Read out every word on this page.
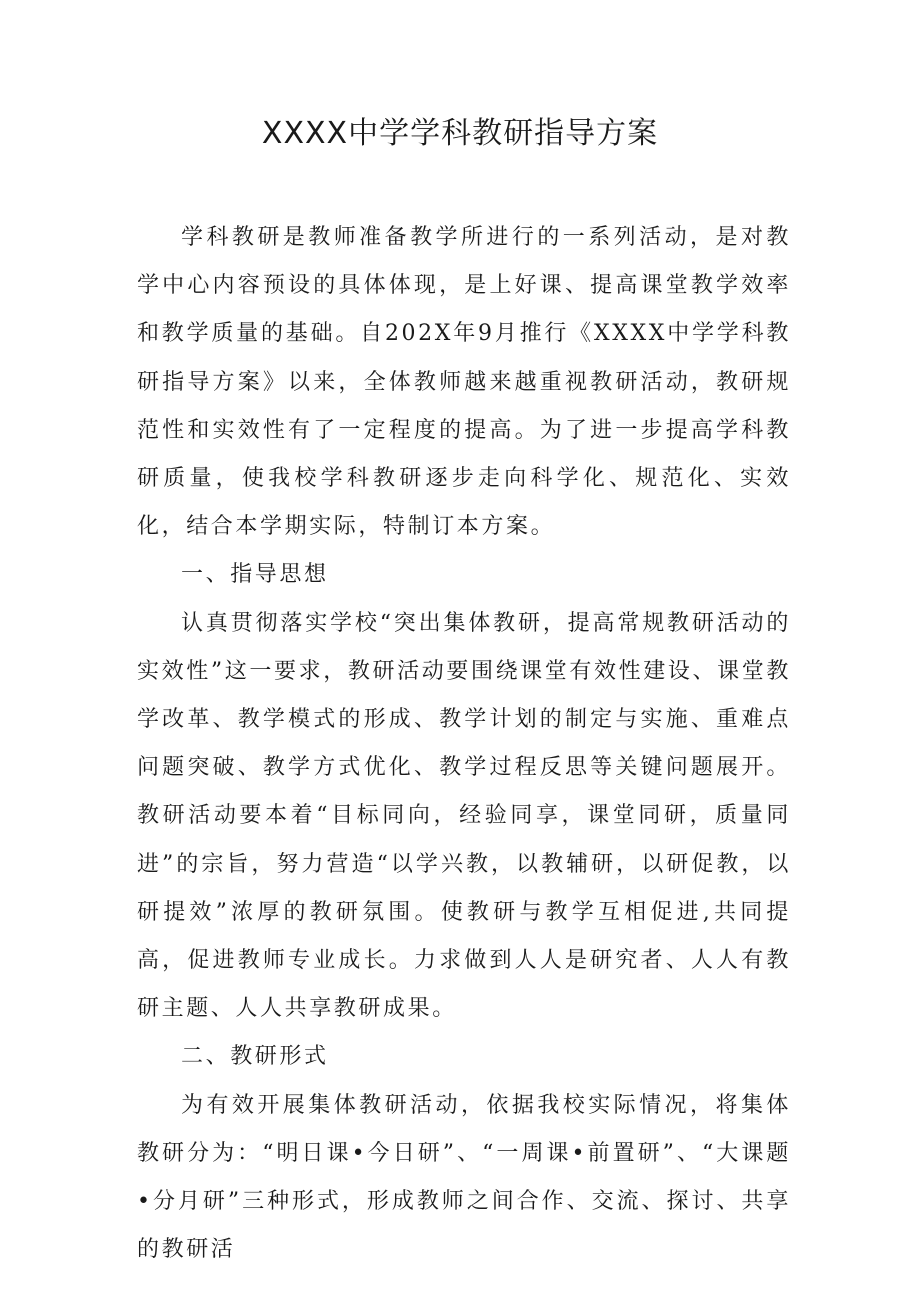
XXXX中学学科教研指导方案

学科教研是教师准备教学所进行的一系列活动，是对教学中心内容预设的具体体现，是上好课、提高课堂教学效率和教学质量的基础。自202X年9月推行《XXXX中学学科教研指导方案》以来，全体教师越来越重视教研活动，教研规范性和实效性有了一定程度的提高。为了进一步提高学科教研质量，使我校学科教研逐步走向科学化、规范化、实效化，结合本学期实际，特制订本方案。

一、指导思想

认真贯彻落实学校“突出集体教研，提高常规教研活动的实效性”这一要求，教研活动要围绕课堂有效性建设、课堂教学改革、教学模式的形成、教学计划的制定与实施、重难点问题突破、教学方式优化、教学过程反思等关键问题展开。教研活动要本着“目标同向，经验同享，课堂同研，质量同进”的宗旨，努力营造“以学兴教，以教辅研，以研促教，以研提效”浓厚的教研氛围。使教研与教学互相促进,共同提高，促进教师专业成长。力求做到人人是研究者、人人有教研主题、人人共享教研成果。

二、教研形式

为有效开展集体教研活动，依据我校实际情况，将集体教研分为：“明日课•今日研”、“一周课•前置研”、“大课题•分月研”三种形式，形成教师之间合作、交流、探讨、共享的教研活
